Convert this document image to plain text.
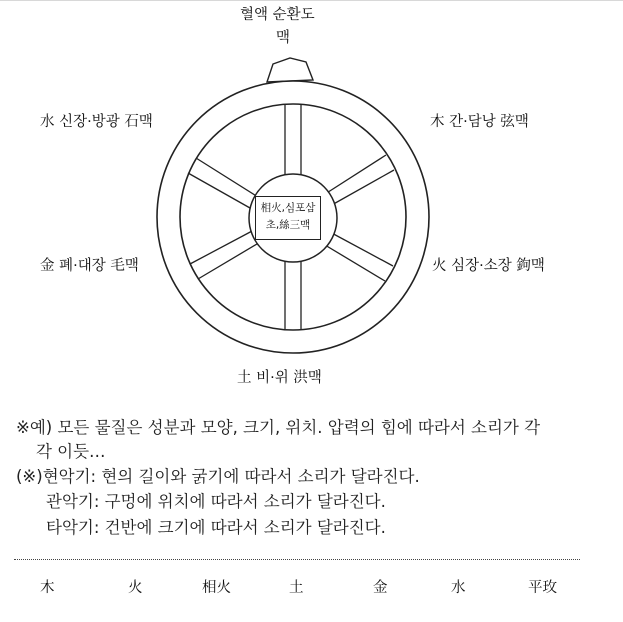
相火,심포삼
초,絲三맥
혈액 순환도
맥
水 신장·방광 石맥	木 간·담낭 弦맥
金 폐·대장 毛맥	火 심장·소장 鉤맥
土 비·위 洪맥
※예) 모든 물질은 성분과 모양, 크기, 위치. 압력의 힘에 따라서 소리가 각
각 이듯…
(※)현악기: 현의 길이와 굵기에 따라서 소리가 달라진다.
관악기: 구멍에 위치에 따라서 소리가 달라진다.
타악기: 건반에 크기에 따라서 소리가 달라진다.
木	火	相火	土	金	水	平玫
